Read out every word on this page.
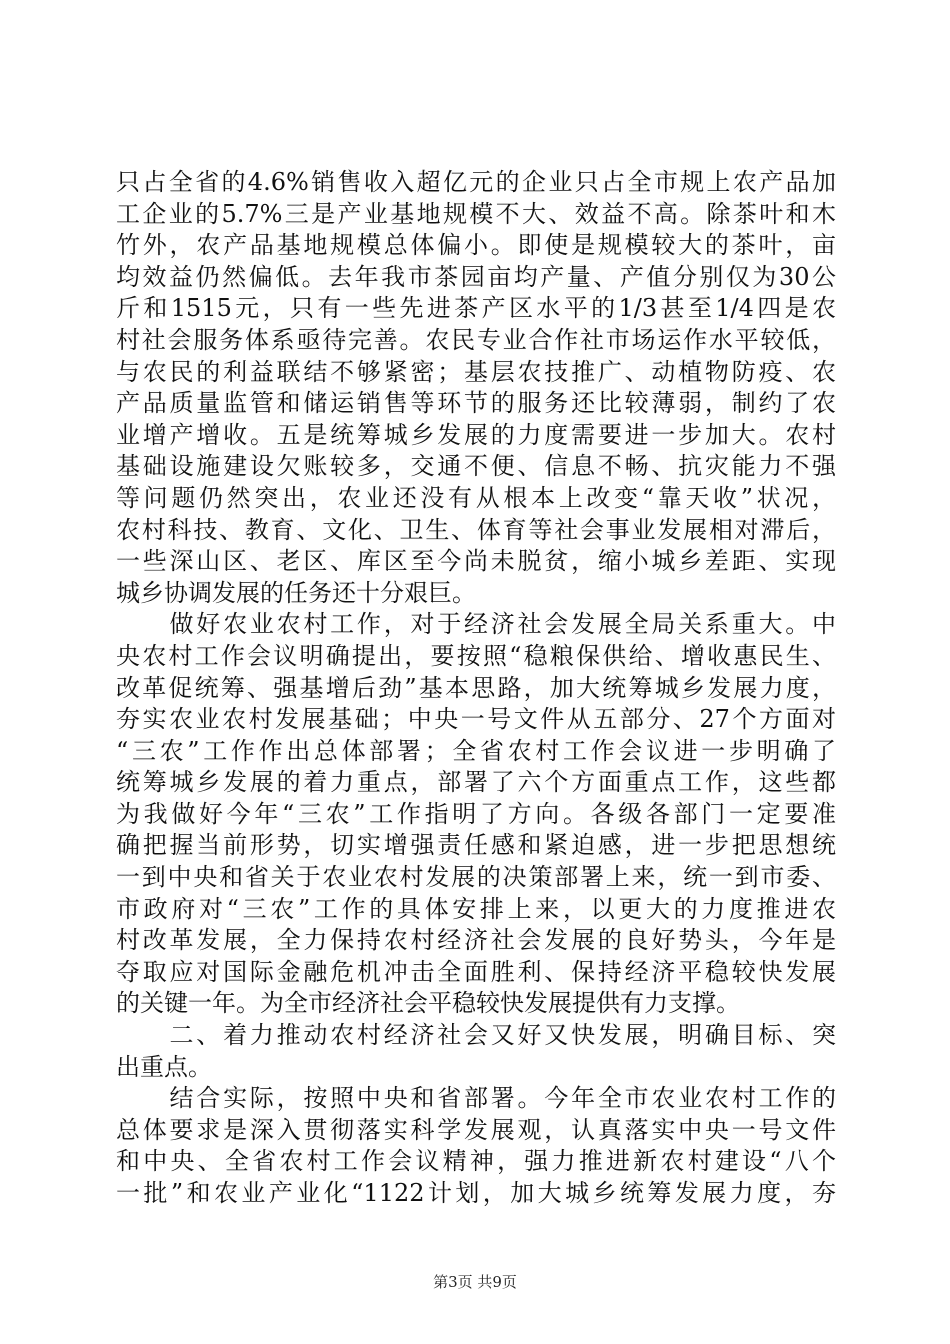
只占全省的4.6%销售收入超亿元的企业只占全市规上农产品加
工企业的5.7%三是产业基地规模不大、效益不高。除茶叶和木
竹外，农产品基地规模总体偏小。即使是规模较大的茶叶，亩
均效益仍然偏低。去年我市茶园亩均产量、产值分别仅为30公
斤和1515元，只有一些先进茶产区水平的1/3甚至1/4四是农
村社会服务体系亟待完善。农民专业合作社市场运作水平较低，
与农民的利益联结不够紧密；基层农技推广、动植物防疫、农
产品质量监管和储运销售等环节的服务还比较薄弱，制约了农
业增产增收。五是统筹城乡发展的力度需要进一步加大。农村
基础设施建设欠账较多，交通不便、信息不畅、抗灾能力不强
等问题仍然突出，农业还没有从根本上改变“靠天收”状况，
农村科技、教育、文化、卫生、体育等社会事业发展相对滞后，
一些深山区、老区、库区至今尚未脱贫，缩小城乡差距、实现
城乡协调发展的任务还十分艰巨。
　　做好农业农村工作，对于经济社会发展全局关系重大。中
央农村工作会议明确提出，要按照“稳粮保供给、增收惠民生、
改革促统筹、强基增后劲”基本思路，加大统筹城乡发展力度，
夯实农业农村发展基础；中央一号文件从五部分、27个方面对
“三农”工作作出总体部署；全省农村工作会议进一步明确了
统筹城乡发展的着力重点，部署了六个方面重点工作，这些都
为我做好今年“三农”工作指明了方向。各级各部门一定要准
确把握当前形势，切实增强责任感和紧迫感，进一步把思想统
一到中央和省关于农业农村发展的决策部署上来，统一到市委、
市政府对“三农”工作的具体安排上来，以更大的力度推进农
村改革发展，全力保持农村经济社会发展的良好势头，今年是
夺取应对国际金融危机冲击全面胜利、保持经济平稳较快发展
的关键一年。为全市经济社会平稳较快发展提供有力支撑。
　　二、着力推动农村经济社会又好又快发展，明确目标、突
出重点。
　　结合实际，按照中央和省部署。今年全市农业农村工作的
总体要求是深入贯彻落实科学发展观，认真落实中央一号文件
和中央、全省农村工作会议精神，强力推进新农村建设“八个
一批”和农业产业化“1122计划，加大城乡统筹发展力度，夯
第3页 共9页
